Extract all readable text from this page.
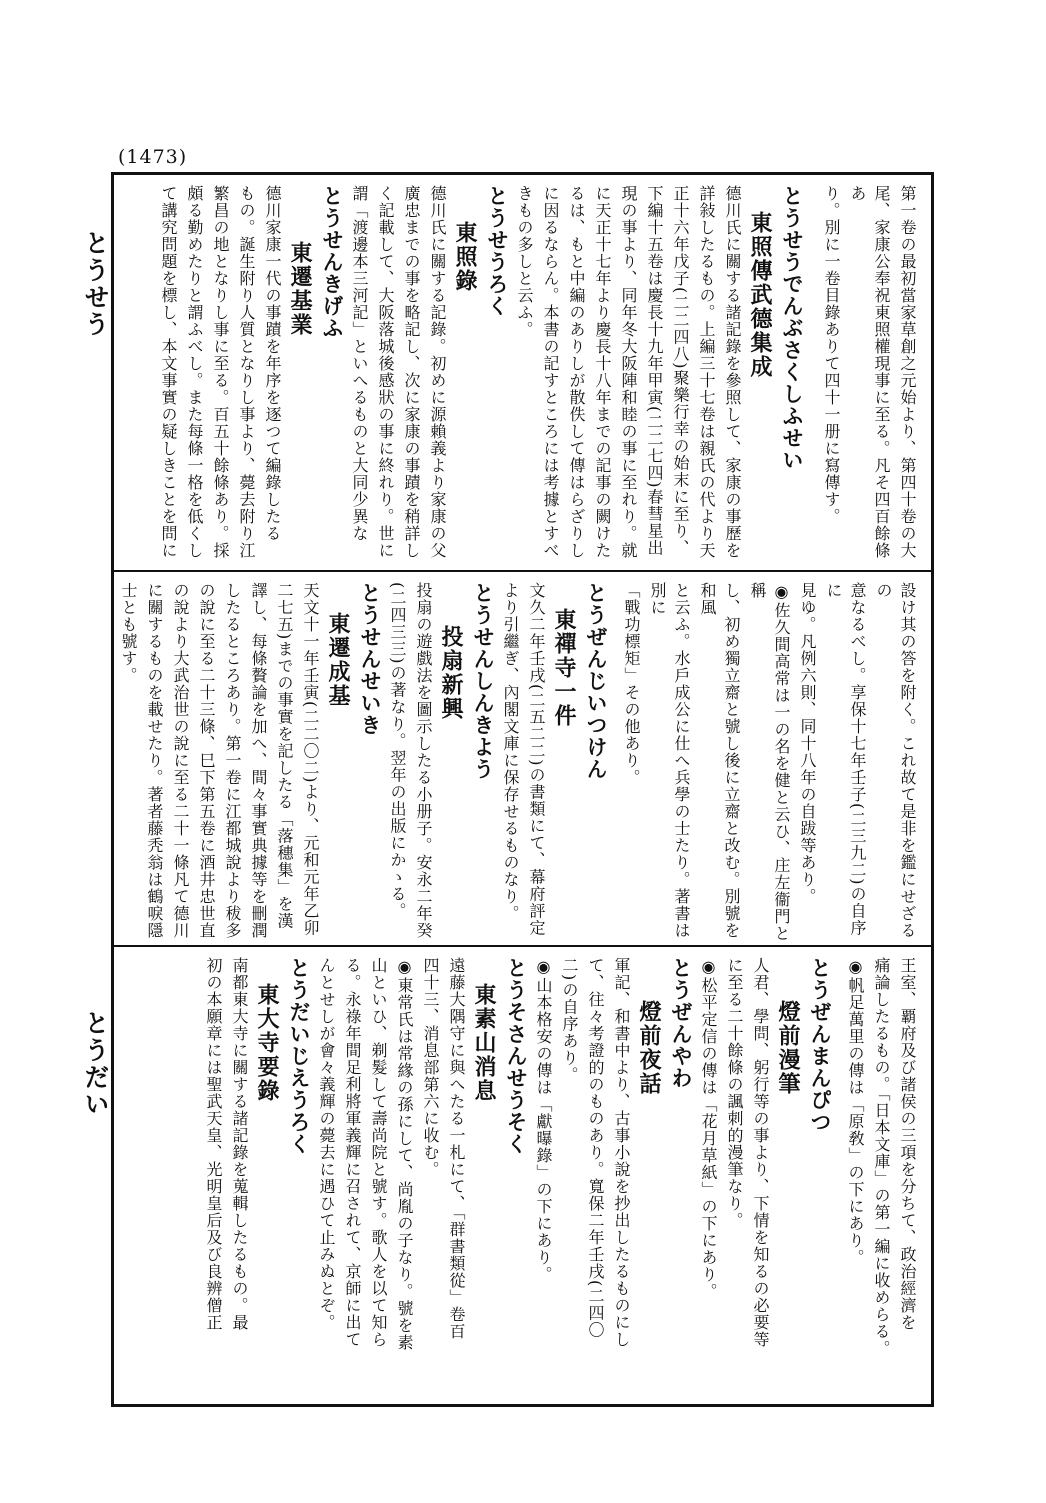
(1473)
とうせう
とうだい
第一卷の最初當家草創之元始より、第四十卷の大
尾、家康公奉祝東照權現事に至る。凡そ四百餘條あ
り。別に一卷目錄ありて四十一册に寫傳す。
とうせうでんぶさくしふせい
東照傳武德集成
德川氏に關する諸記錄を參照して、家康の事歷を
詳敍したるもの。上編三十七卷は親氏の代より天
正十六年戊子(二二四八)聚樂行幸の始末に至り、
下編十五卷は慶長十九年甲寅(二二七四)春彗星出
現の事より、同年冬大阪陣和睦の事に至れり。就
に天正十七年より慶長十八年までの記事の闕けた
るは、もと中編のありしが散佚して傳はらざりし
に因るならん。本書の記すところには考據とすべ
きもの多しと云ふ。
とうせうろく
東照錄
德川氏に關する記錄。初めに源賴義より家康の父
廣忠までの事を略記し、次に家康の事蹟を稍詳し
く記載して、大阪落城後感狀の事に終れり。世に
謂「渡邊本三河記」といへるものと大同少異な
とうせんきげふ
東遷基業
德川家康一代の事蹟を年序を逐つて編錄したる
もの。誕生附り人質となりし事より、薨去附り江
繁昌の地となりし事に至る。百五十餘條あり。採
頗る勤めたりと謂ふべし。また每條一格を低くし
て講究問題を標し、本文事實の疑しきことを問に
設け其の答を附く。これ故て是非を鑑にせざるの
意なるべし。享保十七年壬子(二三九二)の自序に
見ゆ。凡例六則、同十八年の自跋等あり。
◉佐久間高常は一の名を健と云ひ、庄左衞門と稱
し、初め獨立齋と號し後に立齋と改む。別號を和風
と云ふ。水戶成公に仕へ兵學の士たり。著書は別に
「戰功標矩」その他あり。
とうぜんじいつけん
東禪寺一件
文久二年壬戌(二五二二)の書類にて、幕府評定
より引繼ぎ、內閣文庫に保存せるものなり。
とうせんしんきよう
投扇新興
投扇の遊戲法を圖示したる小册子。安永二年癸
(二四三三)の著なり。翌年の出版にかゝる。
とうせんせいき
東遷成基
天文十一年壬寅(二二〇二)より、元和元年乙卯
二七五)までの事實を記したる「落穗集」を漢
譯し、每條贅論を加へ、間々事實典據等を刪潤
したるところあり。第一卷に江都城說より秡多
の說に至る二十三條、巳下第五卷に酒井忠世直
の說より大武治世の說に至る二十一條凡て德川
に關するものを載せたり。著者藤秃翁は鶴唳隱
士とも號す。
王室、覇府及び諸侯の三項を分ちて、政治經濟を
痛論したるもの。「日本文庫」の第一編に收めらる。
◉帆足萬里の傳は「原敎」の下にあり。
とうぜんまんぴつ
燈前漫筆
人君、學問、躬行等の事より、下情を知るの必要等
に至る二十餘條の諷刺的漫筆なり。
◉松平定信の傳は「花月草紙」の下にあり。
とうぜんやわ
燈前夜話
軍記、和書中より、古事小說を抄出したるものにし
て、往々考證的のものあり。寬保二年壬戌(二四〇
二)の自序あり。
◉山本格安の傳は「獻曝錄」の下にあり。
とうそさんせうそく
東素山消息
遠藤大隅守に與へたる一札にて、「群書類從」卷百
四十三、消息部第六に收む。
◉東常氏は常緣の孫にして、尚胤の子なり。號を素
山といひ、剃髮して壽尚院と號す。歌人を以て知ら
る。永祿年間足利將軍義輝に召されて、京師に出て
んとせしが會々義輝の薨去に遇ひて止みぬとぞ。
とうだいじえうろく
東大寺要錄
南都東大寺に關する諸記錄を蒐輯したるもの。最
初の本願章には聖武天皇、光明皇后及び良辨僧正
